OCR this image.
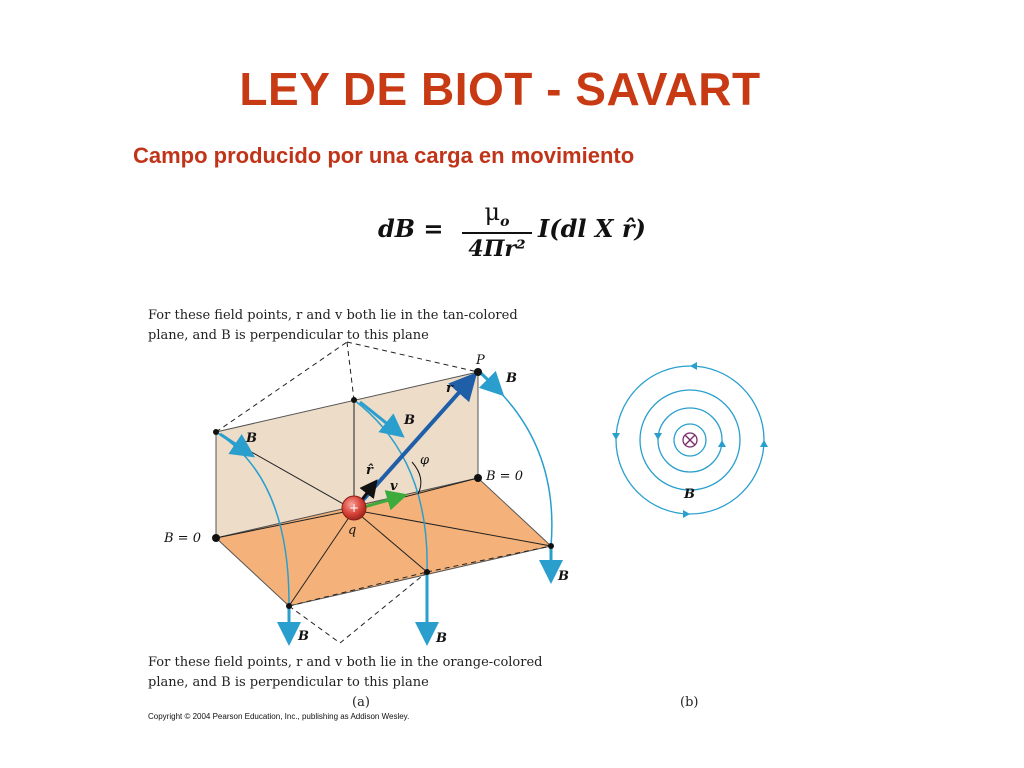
LEY DE BIOT - SAVART
Campo producido por una carga en movimiento
dB =
$\mu_o$
4Πr²
I(dl X r̂)
For these field points, r and v both lie in the tan-colored
plane, and B is perpendicular to this plane
+
P
q
r
r̂
v
φ
B
B
B
B	B
B
B = 0
B = 0
For these field points, r and v both lie in the orange-colored
plane, and B is perpendicular to this plane
(a)
B
(b)
Copyright © 2004 Pearson Education, Inc., publishing as Addison Wesley.
